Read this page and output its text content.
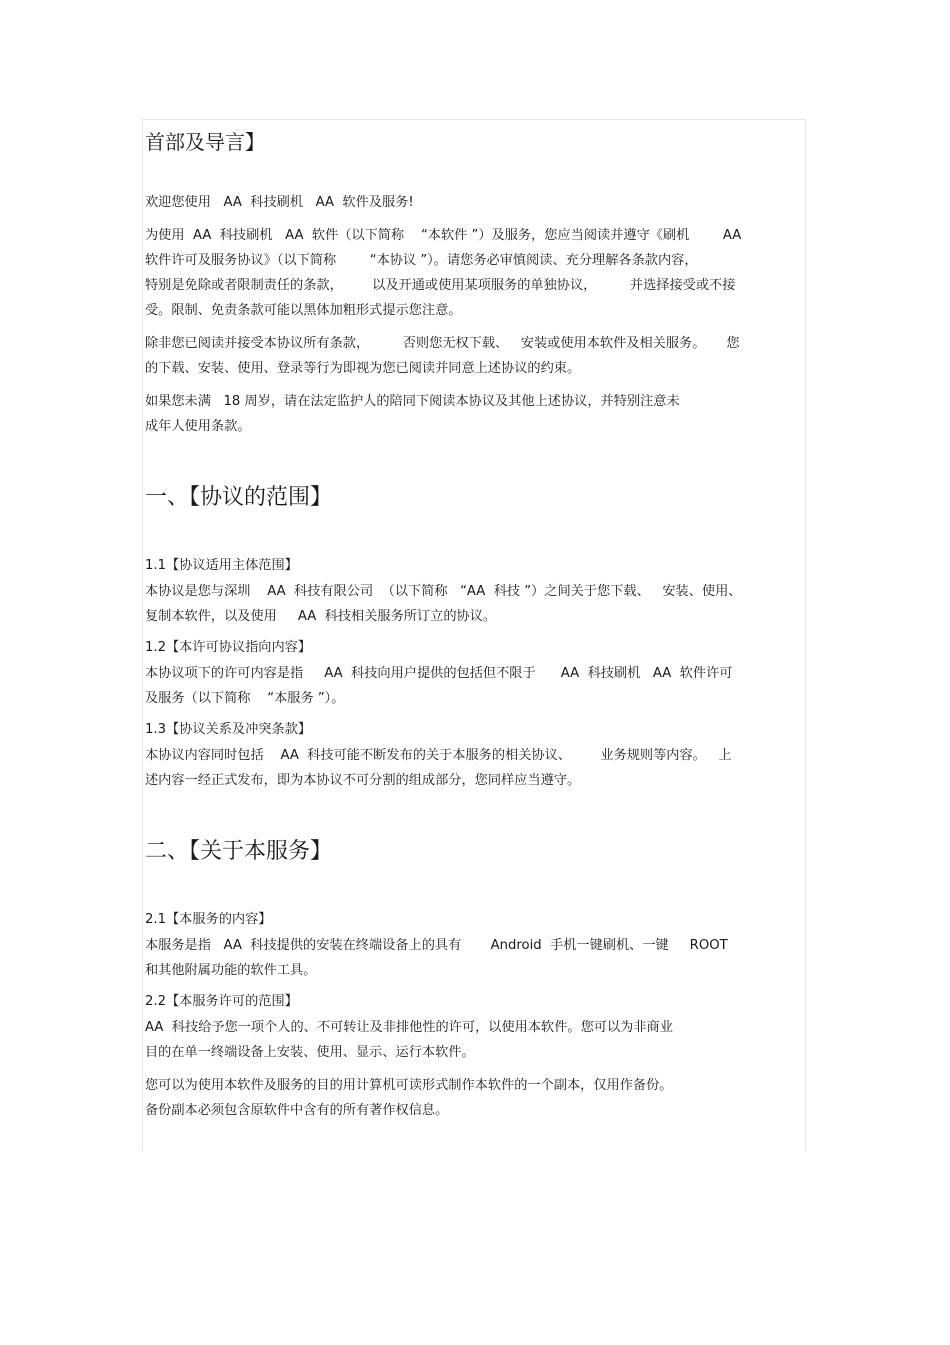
首部及导言】

欢迎您使用   AA  科技刷机   AA  软件及服务!

为使用  AA  科技刷机   AA  软件（以下简称    “本软件 ”）及服务，您应当阅读并遵守《刷机        AA
软件许可及服务协议》（以下简称        “本协议 ”）。请您务必审慎阅读、充分理解各条款内容，
特别是免除或者限制责任的条款，       以及开通或使用某项服务的单独协议，        并选择接受或不接
受。限制、免责条款可能以黑体加粗形式提示您注意。

除非您已阅读并接受本协议所有条款，        否则您无权下载、   安装或使用本软件及相关服务。     您
的下载、安装、使用、登录等行为即视为您已阅读并同意上述协议的约束。

如果您未满   18 周岁，请在法定监护人的陪同下阅读本协议及其他上述协议，并特别注意未
成年人使用条款。

一、【协议的范围】
1.1【协议适用主体范围】

本协议是您与深圳    AA  科技有限公司  （以下简称   “AA  科技 ”）之间关于您下载、   安装、使用、
复制本软件，以及使用     AA  科技相关服务所订立的协议。

1.2【本许可协议指向内容】

本协议项下的许可内容是指     AA  科技向用户提供的包括但不限于      AA  科技刷机   AA  软件许可
及服务（以下简称    “本服务 ”）。

1.3【协议关系及冲突条款】

本协议内容同时包括    AA  科技可能不断发布的关于本服务的相关协议、       业务规则等内容。   上
述内容一经正式发布，即为本协议不可分割的组成部分，您同样应当遵守。

二、【关于本服务】
2.1【本服务的内容】

本服务是指   AA  科技提供的安装在终端设备上的具有       Android  手机一键刷机、一键     ROOT
和其他附属功能的软件工具。

2.2【本服务许可的范围】

AA  科技给予您一项个人的、不可转让及非排他性的许可，以使用本软件。您可以为非商业
目的在单一终端设备上安装、使用、显示、运行本软件。

您可以为使用本软件及服务的目的用计算机可读形式制作本软件的一个副本，仅用作备份。
备份副本必须包含原软件中含有的所有著作权信息。
